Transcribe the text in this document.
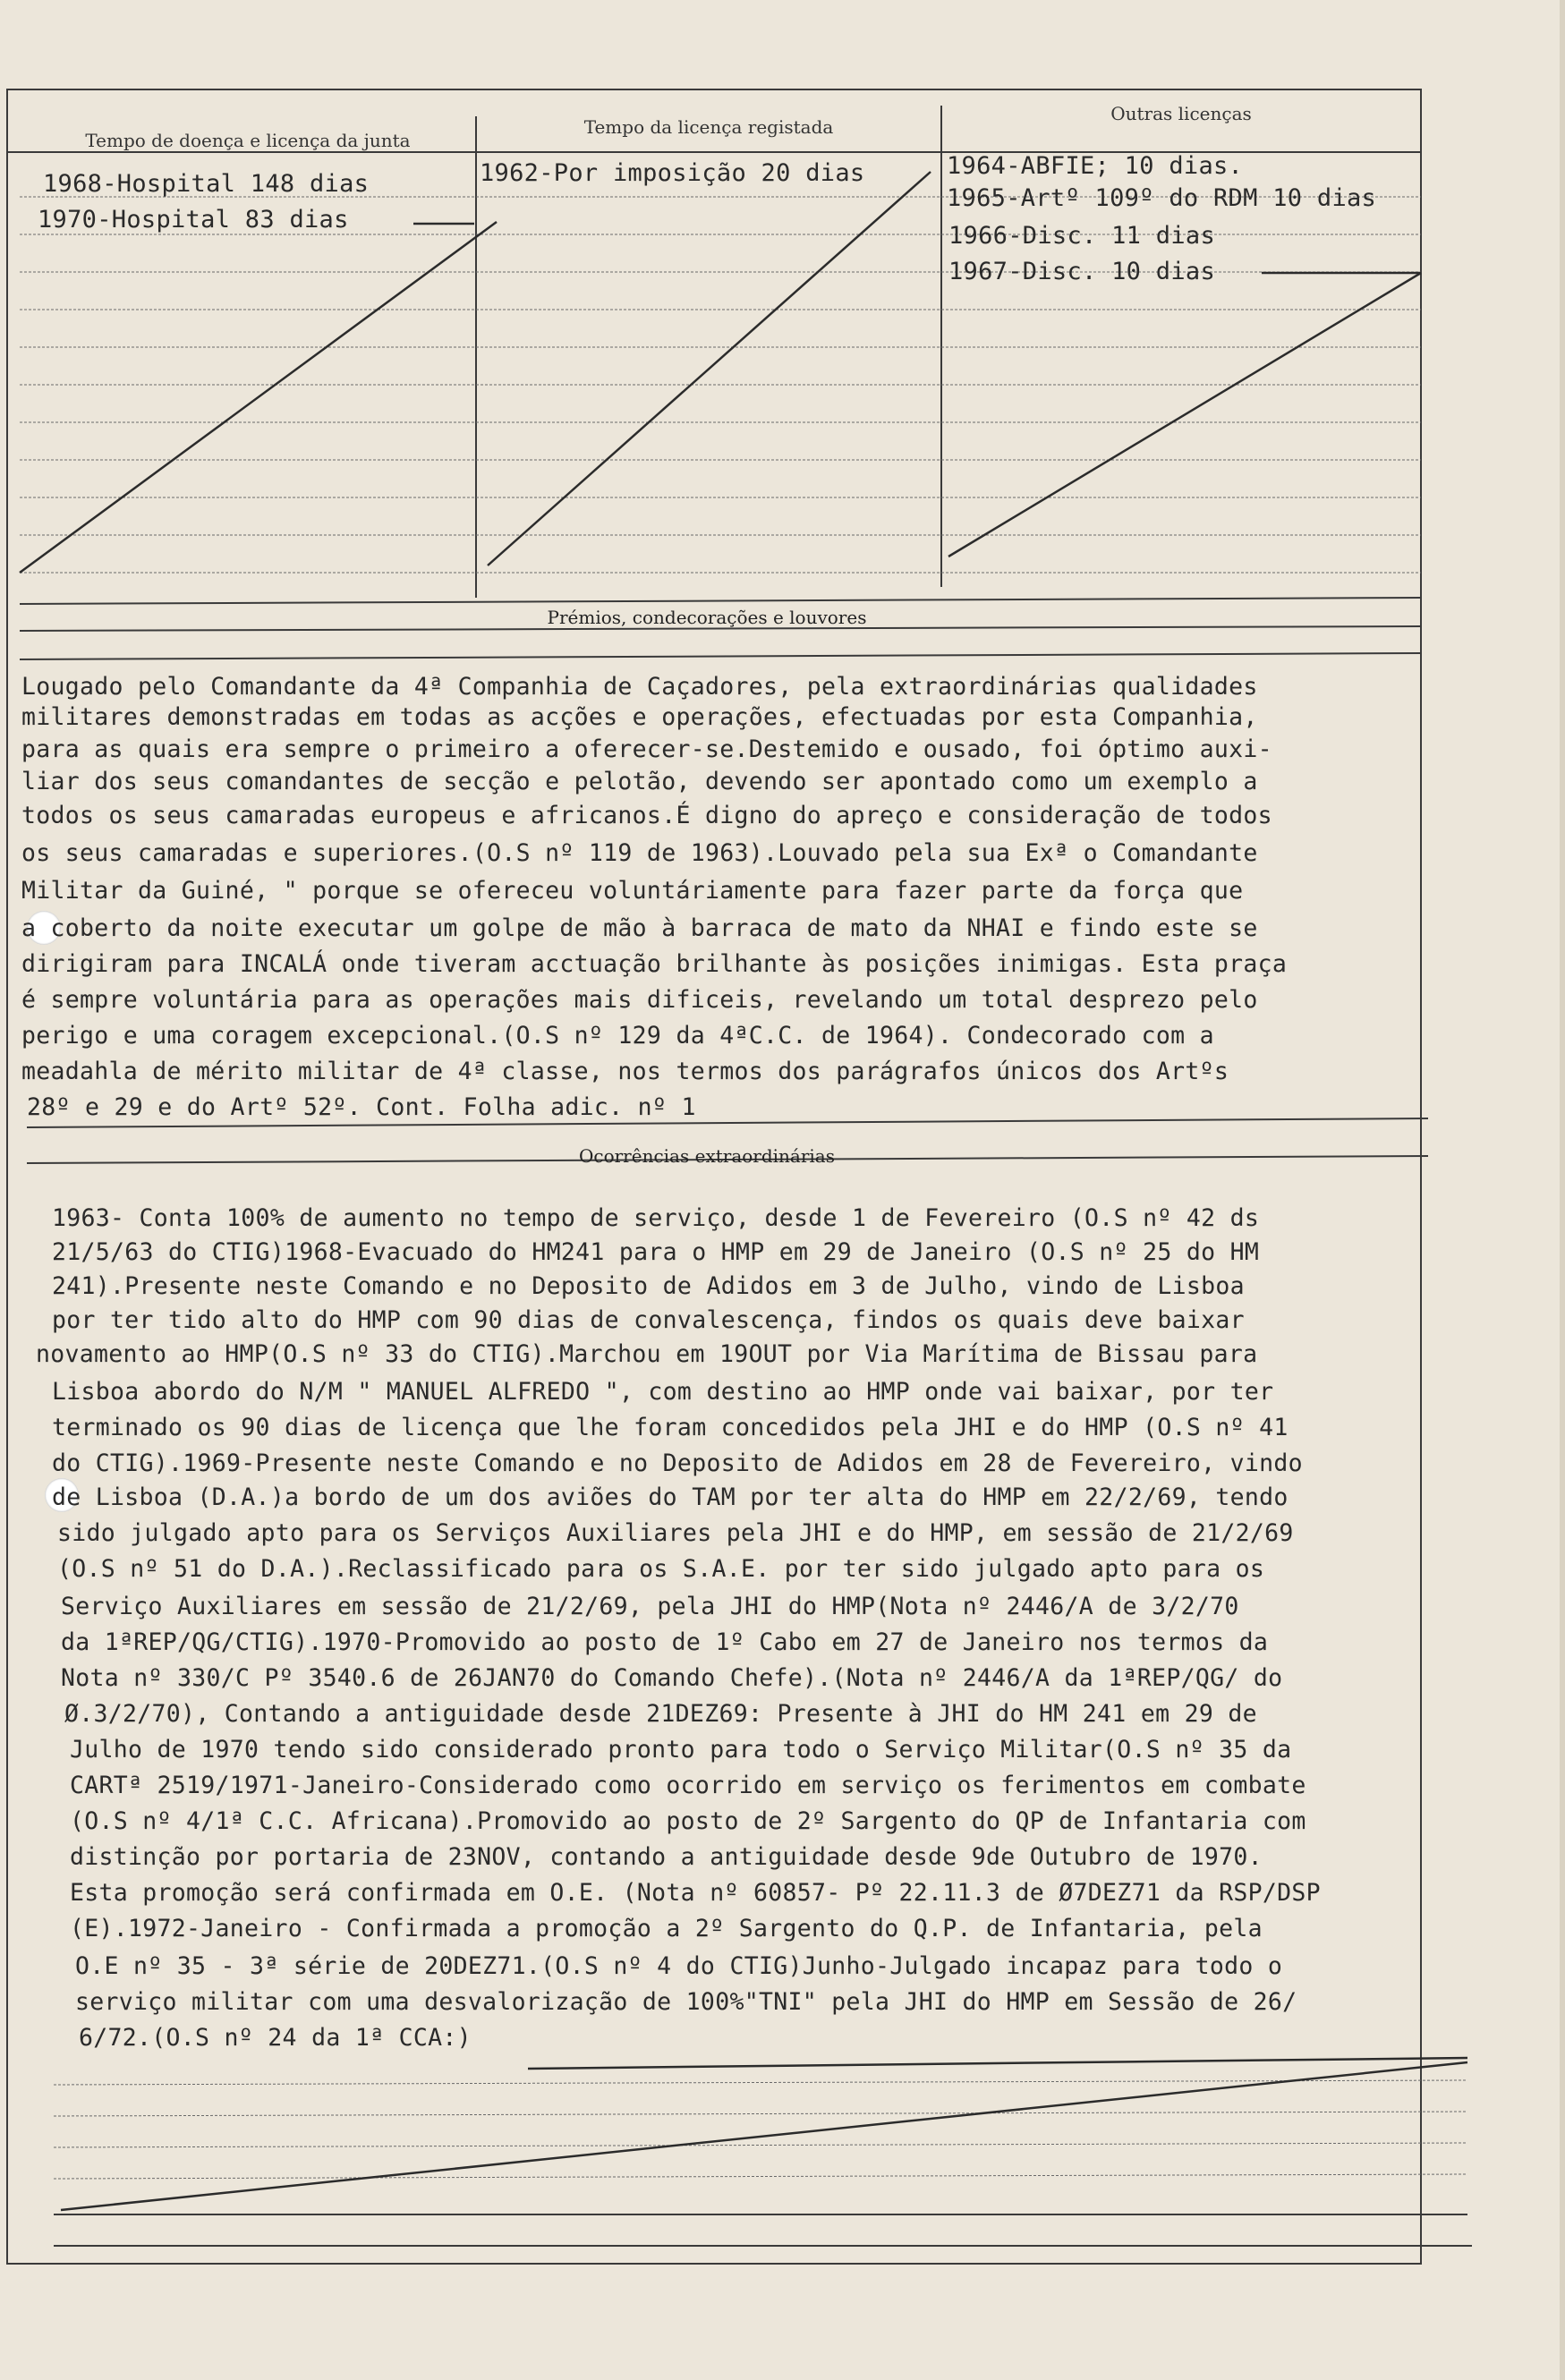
Tempo de doença e licença da junta
Tempo da licença registada
Outras licenças
1968-Hospital 148 dias
1970-Hospital 83 dias
1962-Por imposição 20 dias	1964-ABFIE; 10 dias.
1965-Artº 109º do RDM 10 dias
1966-Disc. 11 dias
1967-Disc. 10 dias
Prémios, condecorações e louvores
Lougado pelo Comandante da 4ª Companhia de Caçadores, pela extraordinárias qualidades
militares demonstradas em todas as acções e operações, efectuadas por esta Companhia,
para as quais era sempre o primeiro a oferecer-se.Destemido e ousado, foi óptimo auxi-
liar dos seus comandantes de secção e pelotão, devendo ser apontado como um exemplo a
todos os seus camaradas europeus e africanos.É digno do apreço e consideração de todos
os seus camaradas e superiores.(O.S nº 119 de 1963).Louvado pela sua Exª o Comandante
Militar da Guiné, " porque se ofereceu voluntáriamente para fazer parte da força que
a coberto da noite executar um golpe de mão à barraca de mato da NHAI e findo este se
dirigiram para INCALÁ onde tiveram acctuação brilhante às posições inimigas. Esta praça
é sempre voluntária para as operações mais dificeis, revelando um total desprezo pelo
perigo e uma coragem excepcional.(O.S nº 129 da 4ªC.C. de 1964). Condecorado com a
meadahla de mérito militar de 4ª classe, nos termos dos parágrafos únicos dos Artºs
28º e 29 e do Artº 52º. Cont. Folha adic. nº 1
Ocorrências extraordinárias
1963- Conta 100% de aumento no tempo de serviço, desde 1 de Fevereiro (O.S nº 42 ds
21/5/63 do CTIG)1968-Evacuado do HM241 para o HMP em 29 de Janeiro (O.S nº 25 do HM
241).Presente neste Comando e no Deposito de Adidos em 3 de Julho, vindo de Lisboa
por ter tido alto do HMP com 90 dias de convalescença, findos os quais deve baixar
novamento ao HMP(O.S nº 33 do CTIG).Marchou em 19OUT por Via Marítima de Bissau para
Lisboa abordo do N/M " MANUEL ALFREDO ", com destino ao HMP onde vai baixar, por ter
terminado os 90 dias de licença que lhe foram concedidos pela JHI e do HMP (O.S nº 41
do CTIG).1969-Presente neste Comando e no Deposito de Adidos em 28 de Fevereiro, vindo
de Lisboa (D.A.)a bordo de um dos aviões do TAM por ter alta do HMP em 22/2/69, tendo
sido julgado apto para os Serviços Auxiliares pela JHI e do HMP, em sessão de 21/2/69
(O.S nº 51 do D.A.).Reclassificado para os S.A.E. por ter sido julgado apto para os
Serviço Auxiliares em sessão de 21/2/69, pela JHI do HMP(Nota nº 2446/A de 3/2/70
da 1ªREP/QG/CTIG).1970-Promovido ao posto de 1º Cabo em 27 de Janeiro nos termos da
Nota nº 330/C Pº 3540.6 de 26JAN70 do Comando Chefe).(Nota nº 2446/A da 1ªREP/QG/ do
Ø.3/2/70), Contando a antiguidade desde 21DEZ69: Presente à JHI do HM 241 em 29 de
Julho de 1970 tendo sido considerado pronto para todo o Serviço Militar(O.S nº 35 da
CARTª 2519/1971-Janeiro-Considerado como ocorrido em serviço os ferimentos em combate
(O.S nº 4/1ª C.C. Africana).Promovido ao posto de 2º Sargento do QP de Infantaria com
distinção por portaria de 23NOV, contando a antiguidade desde 9de Outubro de 1970.
Esta promoção será confirmada em O.E. (Nota nº 60857- Pº 22.11.3 de Ø7DEZ71 da RSP/DSP
(E).1972-Janeiro - Confirmada a promoção a 2º Sargento do Q.P. de Infantaria, pela
O.E nº 35 - 3ª série de 20DEZ71.(O.S nº 4 do CTIG)Junho-Julgado incapaz para todo o
serviço militar com uma desvalorização de 100%"TNI" pela JHI do HMP em Sessão de 26/
6/72.(O.S nº 24 da 1ª CCA:)
